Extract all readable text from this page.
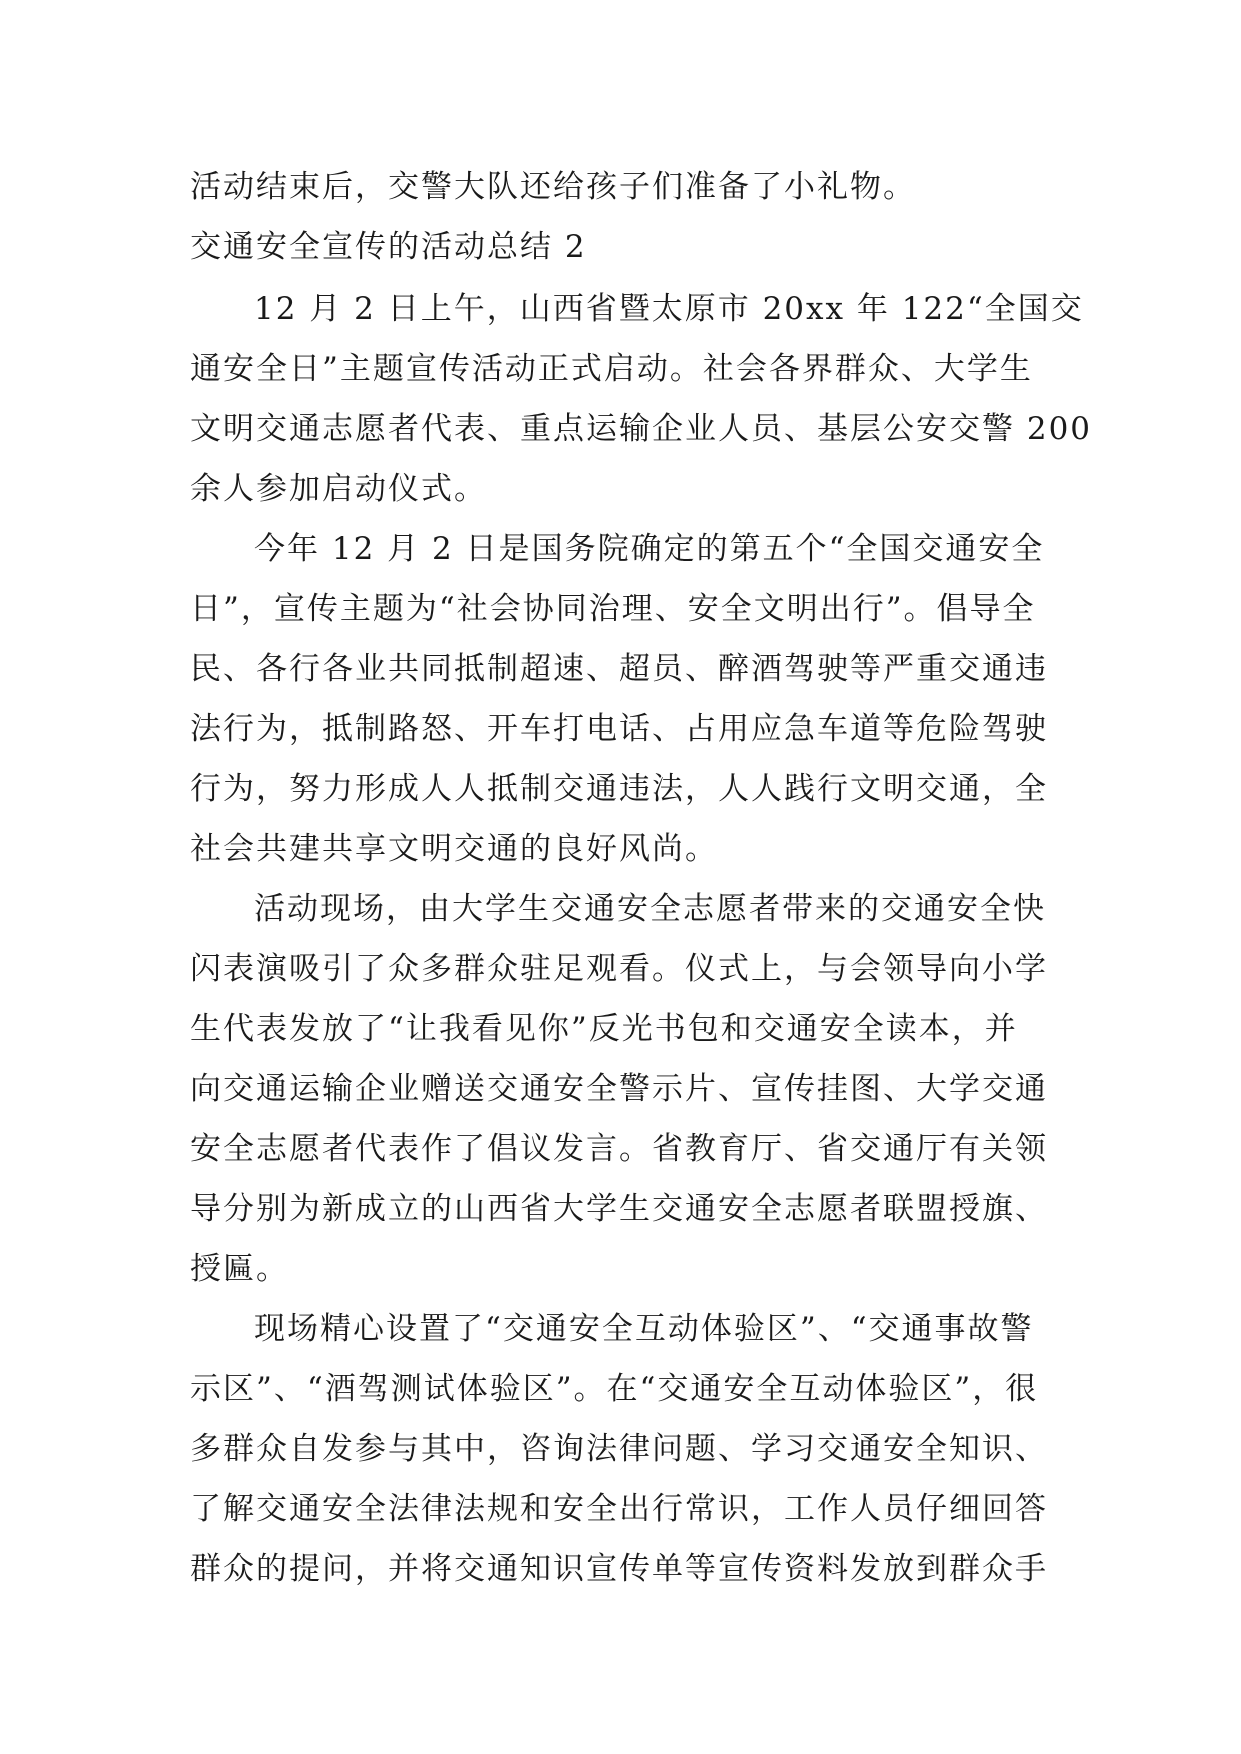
活动结束后，交警大队还给孩子们准备了小礼物。
交通安全宣传的活动总结 2
12 月 2 日上午，山西省暨太原市 20xx 年 122“全国交
通安全日”主题宣传活动正式启动。社会各界群众、大学生
文明交通志愿者代表、重点运输企业人员、基层公安交警 200
余人参加启动仪式。
今年 12 月 2 日是国务院确定的第五个“全国交通安全
日”，宣传主题为“社会协同治理、安全文明出行”。倡导全
民、各行各业共同抵制超速、超员、醉酒驾驶等严重交通违
法行为，抵制路怒、开车打电话、占用应急车道等危险驾驶
行为，努力形成人人抵制交通违法，人人践行文明交通，全
社会共建共享文明交通的良好风尚。
活动现场，由大学生交通安全志愿者带来的交通安全快
闪表演吸引了众多群众驻足观看。仪式上，与会领导向小学
生代表发放了“让我看见你”反光书包和交通安全读本，并
向交通运输企业赠送交通安全警示片、宣传挂图、大学交通
安全志愿者代表作了倡议发言。省教育厅、省交通厅有关领
导分别为新成立的山西省大学生交通安全志愿者联盟授旗、
授匾。
现场精心设置了“交通安全互动体验区”、“交通事故警
示区”、“酒驾测试体验区”。在“交通安全互动体验区”，很
多群众自发参与其中，咨询法律问题、学习交通安全知识、
了解交通安全法律法规和安全出行常识，工作人员仔细回答
群众的提问，并将交通知识宣传单等宣传资料发放到群众手
